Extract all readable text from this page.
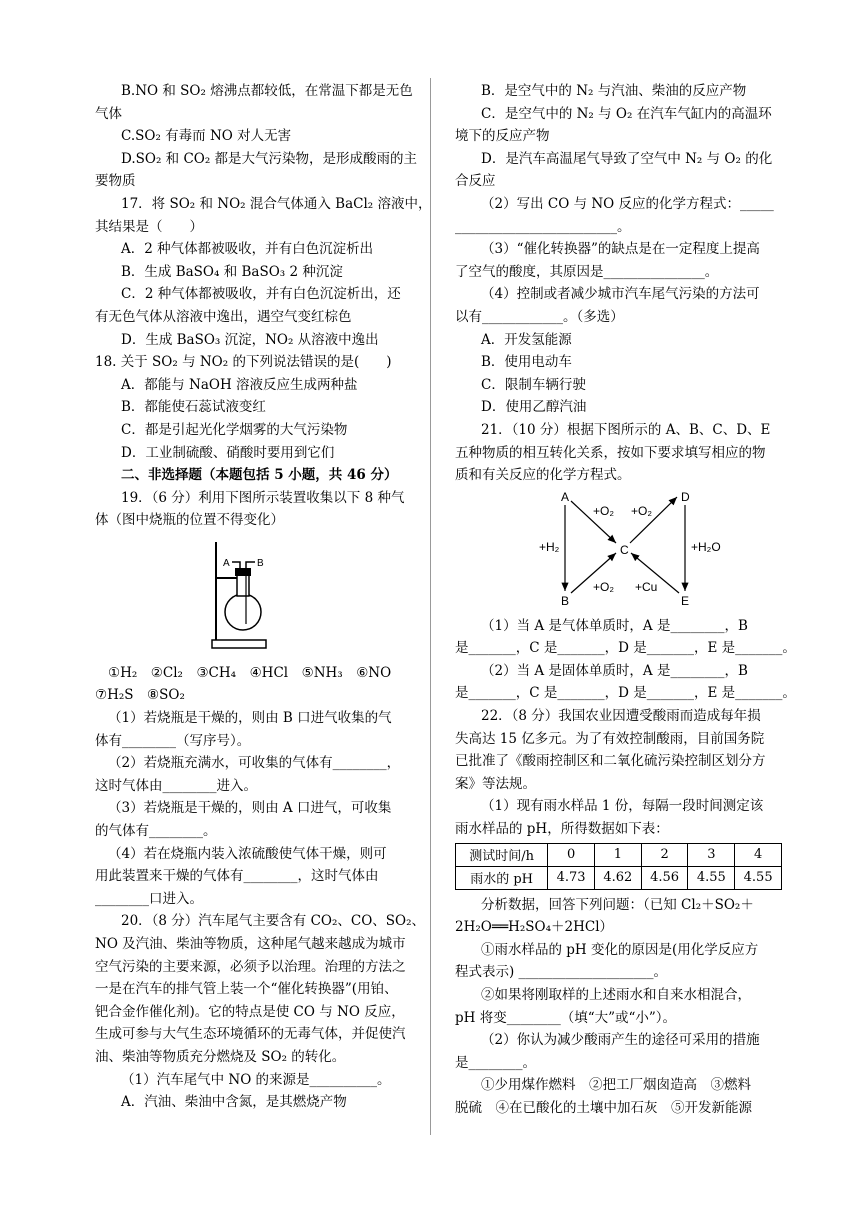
B.NO 和 SO₂ 熔沸点都较低，在常温下都是无色
气体
C.SO₂ 有毒而 NO 对人无害
D.SO₂ 和 CO₂ 都是大气污染物，是形成酸雨的主
要物质
17．将 SO₂ 和 NO₂ 混合气体通入 BaCl₂ 溶液中，
其结果是（　　）
A．2 种气体都被吸收，并有白色沉淀析出
B．生成 BaSO₄ 和 BaSO₃ 2 种沉淀
C．2 种气体都被吸收，并有白色沉淀析出，还
有无色气体从溶液中逸出，遇空气变红棕色
D．生成 BaSO₃ 沉淀，NO₂ 从溶液中逸出
18. 关于 SO₂ 与 NO₂ 的下列说法错误的是(　　)
A．都能与 NaOH 溶液反应生成两种盐
B．都能使石蕊试液变红
C．都是引起光化学烟雾的大气污染物
D．工业制硫酸、硝酸时要用到它们
二、非选择题（本题包括 5 小题，共 46 分）
19．（6 分）利用下图所示装置收集以下 8 种气
体（图中烧瓶的位置不得变化）
A	B
①H₂　②Cl₂　③CH₄　④HCl　⑤NH₃　⑥NO
⑦H₂S　⑧SO₂
（1）若烧瓶是干燥的，则由 B 口进气收集的气
体有________（写序号）。
（2）若烧瓶充满水，可收集的气体有________，
这时气体由________进入。
（3）若烧瓶是干燥的，则由 A 口进气，可收集
的气体有________。
（4）若在烧瓶内装入浓硫酸使气体干燥，则可
用此装置来干燥的气体有________，这时气体由
________口进入。
20．（8 分）汽车尾气主要含有 CO₂、CO、SO₂、
NO 及汽油、柴油等物质，这种尾气越来越成为城市
空气污染的主要来源，必须予以治理。治理的方法之
一是在汽车的排气管上装一个“催化转换器”(用铂、
钯合金作催化剂)。它的特点是使 CO 与 NO 反应，
生成可参与大气生态环境循环的无毒气体，并促使汽
油、柴油等物质充分燃烧及 SO₂ 的转化。
（1）汽车尾气中 NO 的来源是__________。
A．汽油、柴油中含氮，是其燃烧产物
B．是空气中的 N₂ 与汽油、柴油的反应产物
C．是空气中的 N₂ 与 O₂ 在汽车气缸内的高温环
境下的反应产物
D．是汽车高温尾气导致了空气中 N₂ 与 O₂ 的化
合反应
（2）写出 CO 与 NO 反应的化学方程式：_____
________________________。
（3）“催化转换器”的缺点是在一定程度上提高
了空气的酸度，其原因是_______________。
（4）控制或者减少城市汽车尾气污染的方法可
以有____________。（多选）
A．开发氢能源
B．使用电动车
C．限制车辆行驶
D．使用乙醇汽油
21．（10 分）根据下图所示的 A、B、C、D、E
五种物质的相互转化关系，按如下要求填写相应的物
质和有关反应的化学方程式。
A	D
C
B	E
+O₂ +O₂
+H₂	+H₂O
+O₂ +Cu
（1）当 A 是气体单质时，A 是________，B
是_______，C 是_______，D 是_______，E 是_______。
（2）当 A 是固体单质时，A 是________，B
是_______，C 是_______，D 是_______，E 是_______。
22．（8 分）我国农业因遭受酸雨而造成每年损
失高达 15 亿多元。为了有效控制酸雨，目前国务院
已批准了《酸雨控制区和二氧化硫污染控制区划分方
案》等法规。
（1）现有雨水样品 1 份，每隔一段时间测定该
雨水样品的 pH，所得数据如下表：
测试时间/h	0	1	2	3	4
雨水的 pH	4.73	4.62	4.56	4.55	4.55
分析数据，回答下列问题：（已知 Cl₂＋SO₂＋
2H₂O══H₂SO₄＋2HCl）
①雨水样品的 pH 变化的原因是(用化学反应方
程式表示) ____________________。
②如果将刚取样的上述雨水和自来水相混合，
pH 将变________（填“大”或“小”）。
（2）你认为减少酸雨产生的途径可采用的措施
是________。
①少用煤作燃料　②把工厂烟囱造高　③燃料
脱硫　④在已酸化的土壤中加石灰　⑤开发新能源
